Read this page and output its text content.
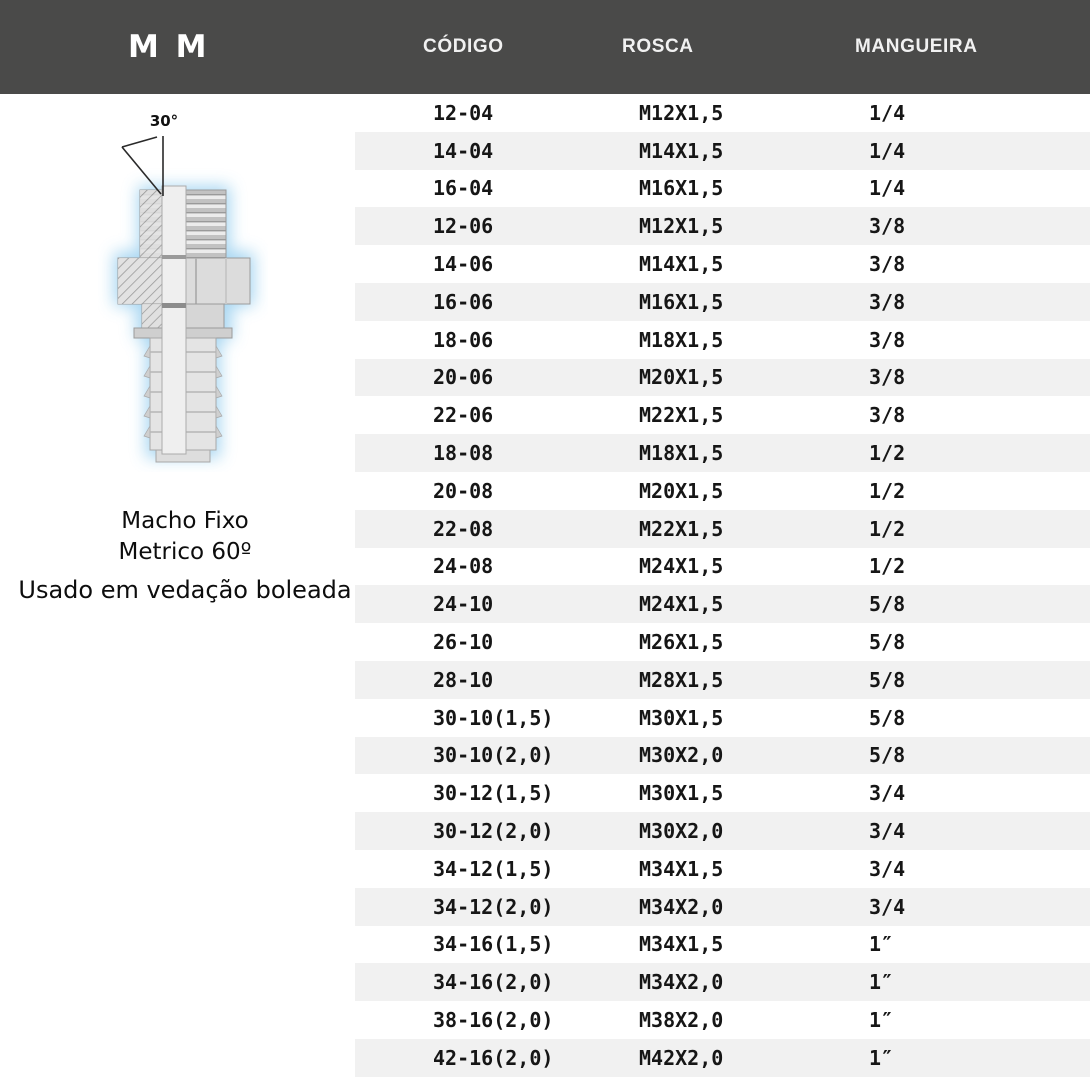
M M	CÓDIGO	ROSCA	MANGUEIRA
30°
Macho Fixo
Metrico 60º
Usado em vedação boleada
12-04	M12X1,5	1/4
14-04	M14X1,5	1/4
16-04	M16X1,5	1/4
12-06	M12X1,5	3/8
14-06	M14X1,5	3/8
16-06	M16X1,5	3/8
18-06	M18X1,5	3/8
20-06	M20X1,5	3/8
22-06	M22X1,5	3/8
18-08	M18X1,5	1/2
20-08	M20X1,5	1/2
22-08	M22X1,5	1/2
24-08	M24X1,5	1/2
24-10	M24X1,5	5/8
26-10	M26X1,5	5/8
28-10	M28X1,5	5/8
30-10(1,5)	M30X1,5	5/8
30-10(2,0)	M30X2,0	5/8
30-12(1,5)	M30X1,5	3/4
30-12(2,0)	M30X2,0	3/4
34-12(1,5)	M34X1,5	3/4
34-12(2,0)	M34X2,0	3/4
34-16(1,5)	M34X1,5	1″
34-16(2,0)	M34X2,0	1″
38-16(2,0)	M38X2,0	1″
42-16(2,0)	M42X2,0	1″
